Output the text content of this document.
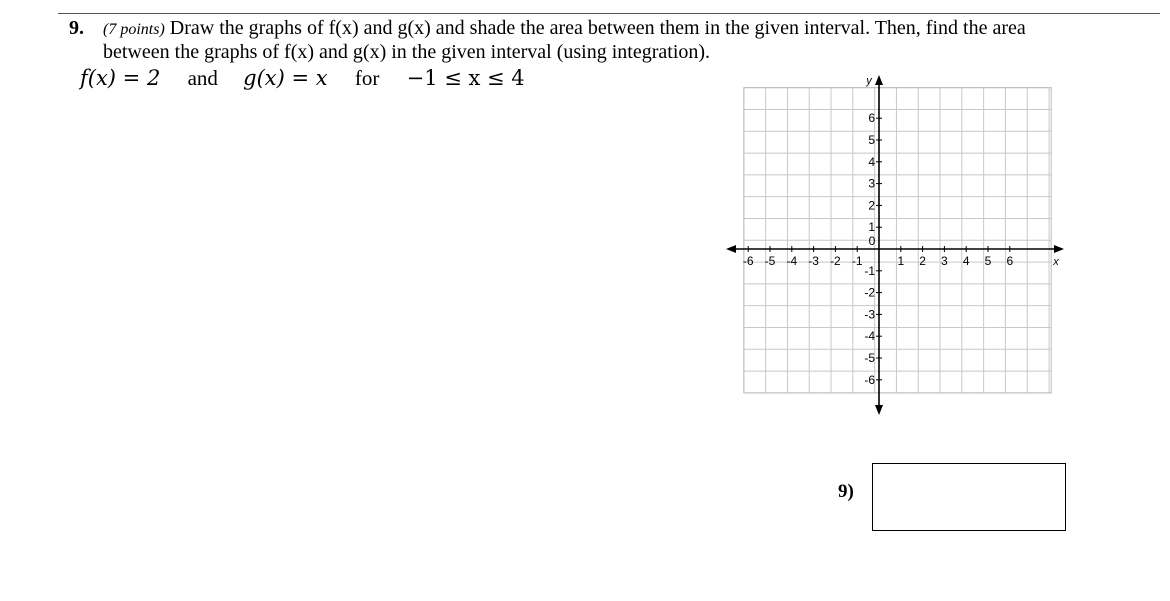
9. (7 points) Draw the graphs of f(x) and g(x) and shade the area between them in the given interval. Then, find the area
between the graphs of f(x) and g(x) in the given interval (using integration).
f(x) = 2 and g(x) = x for −1 ≤ x ≤ 4
-6 -5 -4 -3 -2 -1	1 2 3 4 5 6
6
5
4
3
2
1
-1
-2
-3
-4
-5
-6
0
x
y
9)
